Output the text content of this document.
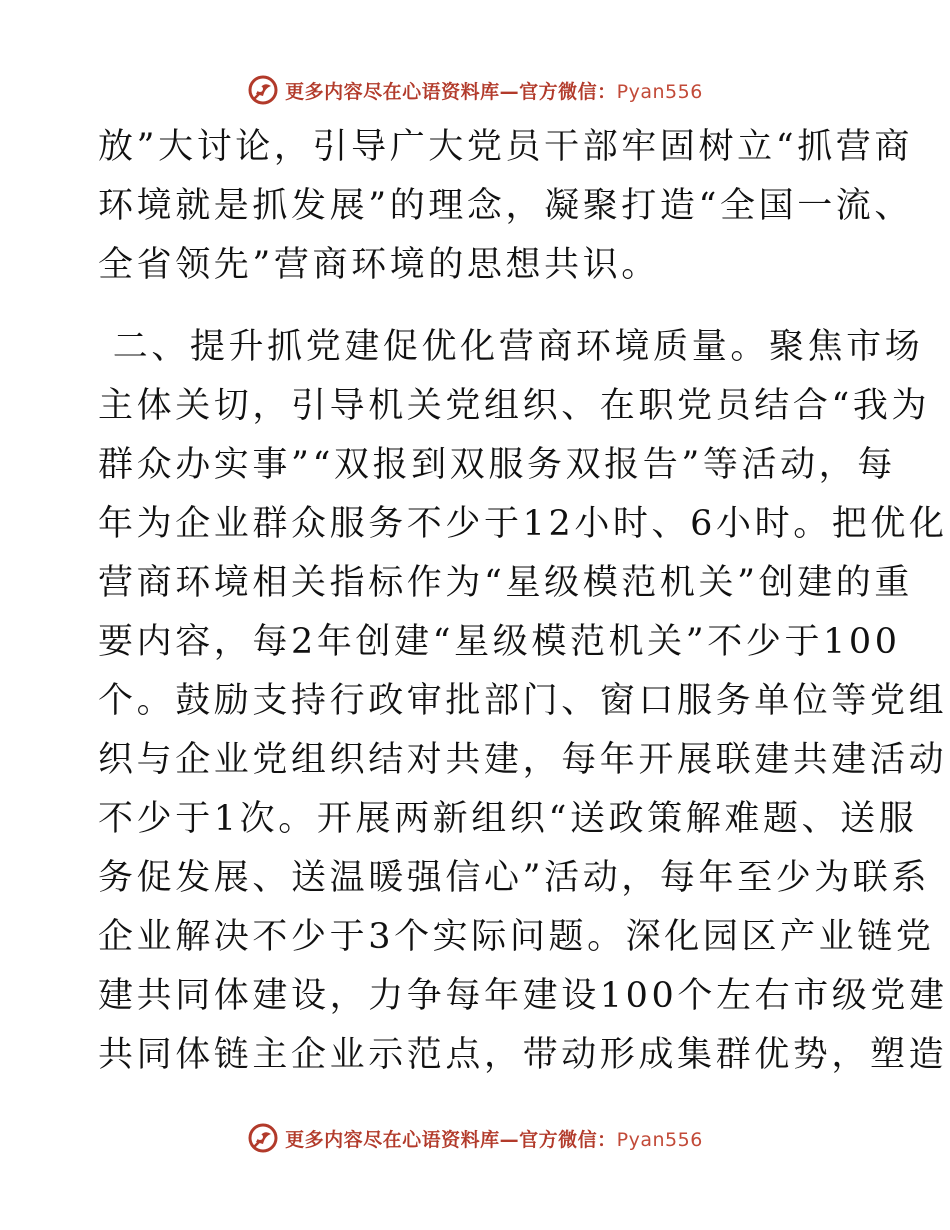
更多内容尽在心语资料库—官方微信：Pyan556

放”大讨论，引导广大党员干部牢固树立“抓营商
环境就是抓发展”的理念，凝聚打造“全国一流、
全省领先”营商环境的思想共识。

二、提升抓党建促优化营商环境质量。聚焦市场
主体关切，引导机关党组织、在职党员结合“我为
群众办实事”“双报到双服务双报告”等活动，每
年为企业群众服务不少于12小时、6小时。把优化
营商环境相关指标作为“星级模范机关”创建的重
要内容，每2年创建“星级模范机关”不少于100
个。鼓励支持行政审批部门、窗口服务单位等党组
织与企业党组织结对共建，每年开展联建共建活动
不少于1次。开展两新组织“送政策解难题、送服
务促发展、送温暖强信心”活动，每年至少为联系
企业解决不少于3个实际问题。深化园区产业链党
建共同体建设，力争每年建设100个左右市级党建
共同体链主企业示范点，带动形成集群优势，塑造

更多内容尽在心语资料库—官方微信：Pyan556
